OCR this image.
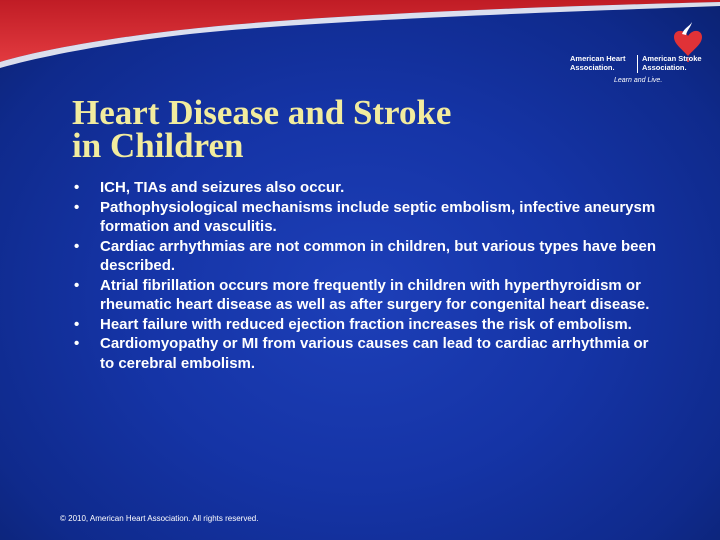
American Heart
Association.
American Stroke
Association.
Learn and Live.
Heart Disease and Stroke
in Children
• ICH, TIAs and seizures also occur.
• Pathophysiological mechanisms include septic embolism, infective aneurysm formation and vasculitis.
• Cardiac arrhythmias are not common in children, but various types have been described.
• Atrial fibrillation occurs more frequently in children with hyperthyroidism or rheumatic heart disease as well as after surgery for congenital heart disease.
• Heart failure with reduced ejection fraction increases the risk of embolism.
• Cardiomyopathy or MI from various causes can lead to cardiac arrhythmia or to cerebral embolism.
© 2010, American Heart Association. All rights reserved.
